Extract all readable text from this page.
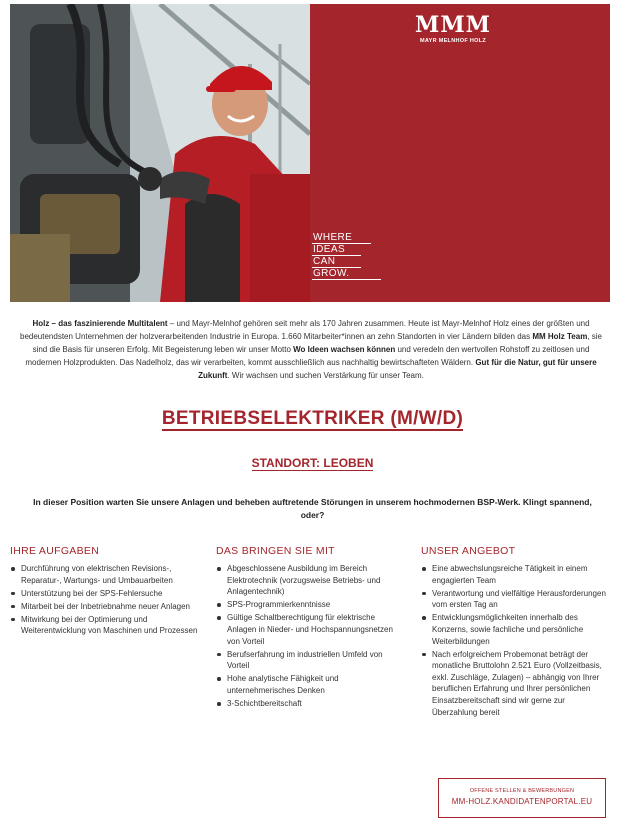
MMM
MAYR MELNHOF HOLZ
WHERE
IDEAS
CAN
GROW.

Holz – das faszinierende Multitalent – und Mayr-Melnhof gehören seit mehr als 170 Jahren zusammen. Heute ist Mayr-Melnhof Holz eines der größten und bedeutendsten Unternehmen der holzverarbeitenden Industrie in Europa. 1.660 Mitarbeiter*innen an zehn Standorten in vier Ländern bilden das MM Holz Team, sie sind die Basis für unseren Erfolg. Mit Begeisterung leben wir unser Motto Wo Ideen wachsen können und veredeln den wertvollen Rohstoff zu zeitlosen und modernen Holzprodukten. Das Nadelholz, das wir verarbeiten, kommt ausschließlich aus nachhaltig bewirtschafteten Wäldern. Gut für die Natur, gut für unsere Zukunft. Wir wachsen und suchen Verstärkung für unser Team.

BETRIEBSELEKTRIKER (M/W/D)
STANDORT: LEOBEN
In dieser Position warten Sie unsere Anlagen und beheben auftretende Störungen in unserem hochmodernen BSP-Werk. Klingt spannend, oder?
IHRE AUFGABEN
Durchführung von elektrischen Revisions-, Reparatur-, Wartungs- und Umbauarbeiten
Unterstützung bei der SPS-Fehlersuche
Mitarbeit bei der Inbetriebnahme neuer Anlagen
Mitwirkung bei der Optimierung und Weiterentwicklung von Maschinen und Prozessen
DAS BRINGEN SIE MIT
Abgeschlossene Ausbildung im Bereich Elektrotechnik (vorzugsweise Betriebs- und Anlagentechnik)
SPS-Programmierkenntnisse
Gültige Schaltberechtigung für elektrische Anlagen in Nieder- und Hochspannungsnetzen von Vorteil
Berufserfahrung im industriellen Umfeld von Vorteil
Hohe analytische Fähigkeit und unternehmerisches Denken
3-Schichtbereitschaft
UNSER ANGEBOT
Eine abwechslungsreiche Tätigkeit in einem engagierten Team
Verantwortung und vielfältige Herausforderungen vom ersten Tag an
Entwicklungsmöglichkeiten innerhalb des Konzerns, sowie fachliche und persönliche Weiterbildungen
Nach erfolgreichem Probemonat beträgt der monatliche Bruttolohn 2.521 Euro (Vollzeitbasis, exkl. Zuschläge, Zulagen) – abhängig von Ihrer beruflichen Erfahrung und Ihrer persönlichen Einsatzbereitschaft sind wir gerne zur Überzahlung bereit
OFFENE STELLEN & BEWERBUNGEN
MM-HOLZ.KANDIDATENPORTAL.EU
